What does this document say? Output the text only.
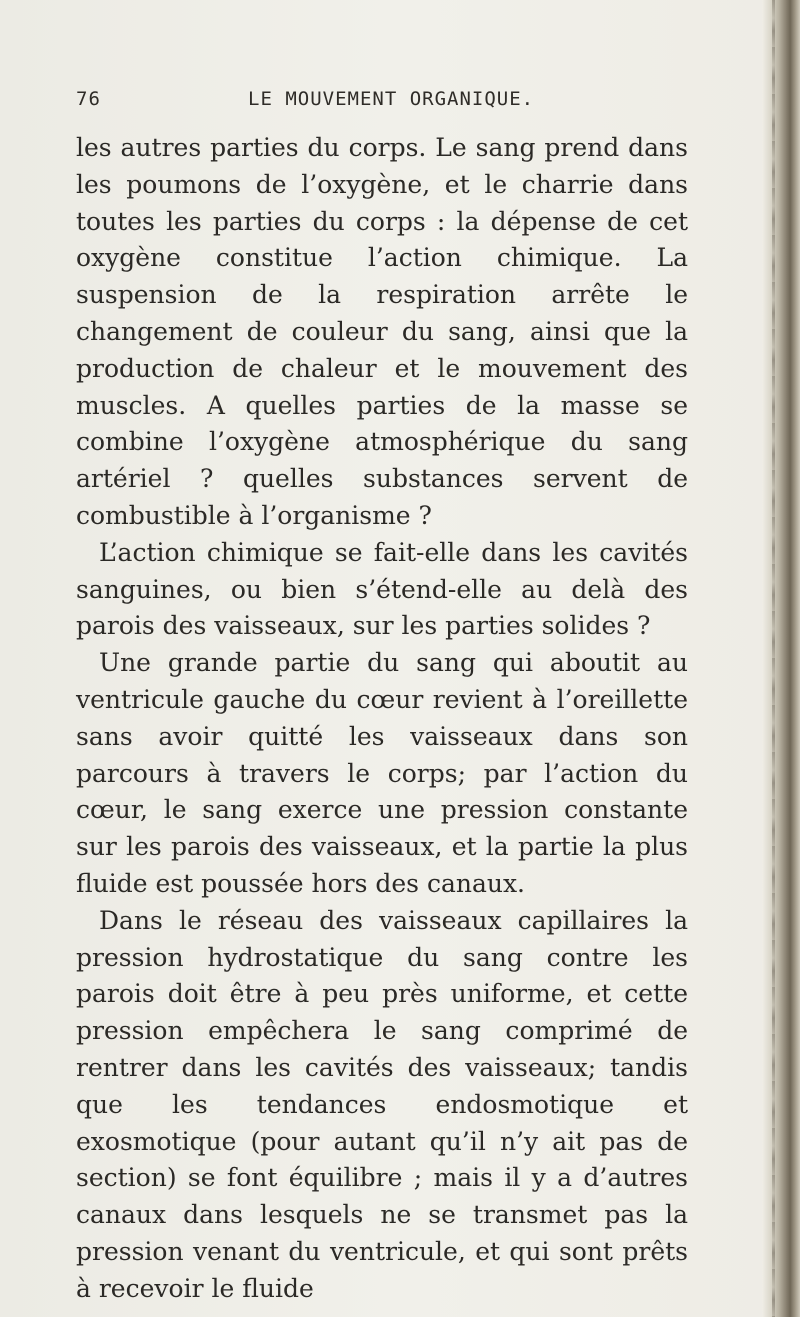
76	LE MOUVEMENT ORGANIQUE.

les autres parties du corps. Le sang prend dans les poumons de l’oxygène, et le charrie dans toutes les parties du corps : la dépense de cet oxygène constitue l’action chimique. La suspension de la respiration arrête le changement de couleur du sang, ainsi que la production de chaleur et le mouvement des muscles. A quelles parties de la masse se combine l’oxygène atmosphérique du sang artériel ? quelles substances servent de combustible à l’organisme ?

L’action chimique se fait-elle dans les cavités sanguines, ou bien s’étend-elle au delà des parois des vaisseaux, sur les parties solides ?

Une grande partie du sang qui aboutit au ventricule gauche du cœur revient à l’oreillette sans avoir quitté les vaisseaux dans son parcours à travers le corps; par l’action du cœur, le sang exerce une pression constante sur les parois des vaisseaux, et la partie la plus fluide est poussée hors des canaux.

Dans le réseau des vaisseaux capillaires la pression hydrostatique du sang contre les parois doit être à peu près uniforme, et cette pression empêchera le sang comprimé de rentrer dans les cavités des vaisseaux; tandis que les tendances endosmotique et exosmotique (pour autant qu’il n’y ait pas de section) se font équilibre ; mais il y a d’autres canaux dans lesquels ne se transmet pas la pression venant du ventricule, et qui sont prêts à recevoir le fluide
